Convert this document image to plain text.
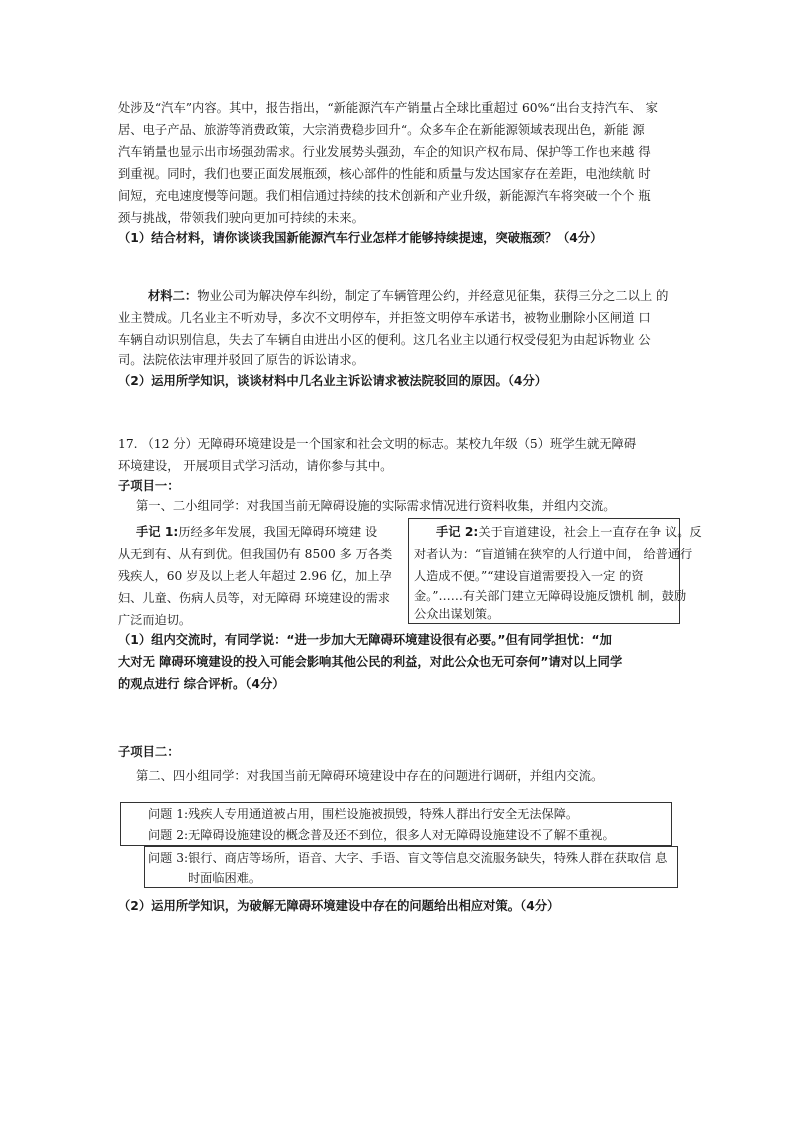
处涉及“汽车”内容。其中，报告指出，“新能源汽车产销量占全球比重超过 60%“出台支持汽车、 家
居、电子产品、旅游等消费政策，大宗消费稳步回升“。众多车企在新能源领域表现出色，新能 源
汽车销量也显示出市场强劲需求。行业发展势头强劲，车企的知识产权布局、保护等工作也来越 得
到重视。同时，我们也要正面发展瓶颈，核心部件的性能和质量与发达国家存在差距，电池续航 时
间短，充电速度慢等问题。我们相信通过持续的技术创新和产业升级，新能源汽车将突破一个个 瓶
颈与挑战，带领我们驶向更加可持续的未来。
（1）结合材料，请你谈谈我国新能源汽车行业怎样才能够持续提速，突破瓶颈？（4分）
材料二：物业公司为解决停车纠纷，制定了车辆管理公约，并经意见征集，获得三分之二以上 的
业主赞成。几名业主不听劝导，多次不文明停车，并拒签文明停车承诺书，被物业删除小区闸道 口
车辆自动识别信息，失去了车辆自由进出小区的便利。这几名业主以通行权受侵犯为由起诉物业 公
司。法院依法审理并驳回了原告的诉讼请求。
（2）运用所学知识，谈谈材料中几名业主诉讼请求被法院驳回的原因。（4分）
17. （12 分）无障碍环境建设是一个国家和社会文明的标志。某校九年级（5）班学生就无障碍
环境建设， 开展项目式学习活动，请你参与其中。
子项目一：
第一、二小组同学：对我国当前无障碍设施的实际需求情况进行资料收集，并组内交流。
手记 1:历经多年发展，我国无障碍环境建 设
从无到有、从有到优。但我国仍有 8500 多 万各类
残疾人，60 岁及以上老人年超过 2.96 亿，加上孕
妇、儿童、伤病人员等，对无障碍 环境建设的需求
广泛而迫切。
手记 2:关于盲道建设，社会上一直存在争 议。反
对者认为：“盲道铺在狭窄的人行道中间， 给普通行
人造成不便。”“建设盲道需要投入一定 的资
金。”……有关部门建立无障碍设施反馈机 制，鼓励
公众出谋划策。
（1）组内交流时，有同学说：“进一步加大无障碍环境建设很有必要。”但有同学担忧：“加
大对无 障碍环境建设的投入可能会影响其他公民的利益，对此公众也无可奈何”请对以上同学
的观点进行 综合评析。（4分）
子项目二：
第二、四小组同学：对我国当前无障碍环境建设中存在的问题进行调研，并组内交流。
问题 1:残疾人专用通道被占用，围栏设施被损毁，特殊人群出行安全无法保障。
问题 2:无障碍设施建设的概念普及还不到位，很多人对无障碍设施建设不了解不重视。
问题 3:银行、商店等场所，语音、大字、手语、盲文等信息交流服务缺失，特殊人群在获取信 息
时面临困难。
（2）运用所学知识，为破解无障碍环境建设中存在的问题给出相应对策。（4分）
